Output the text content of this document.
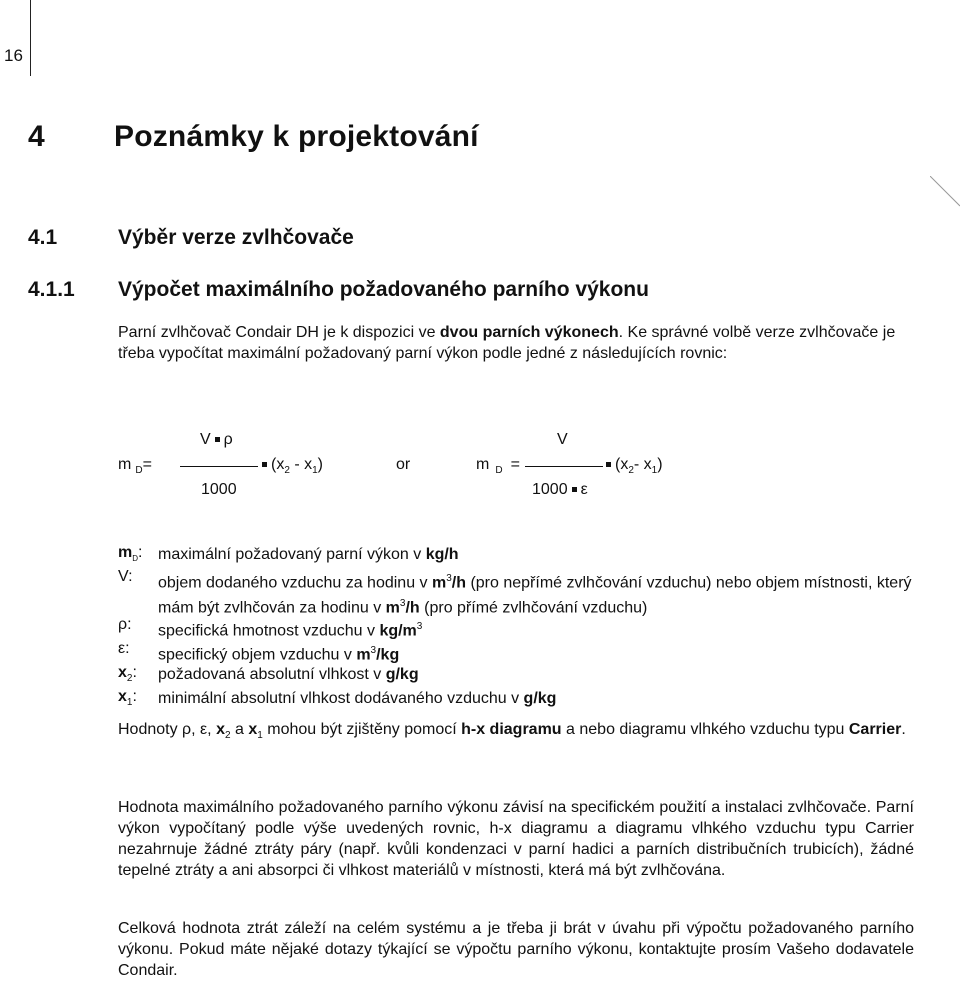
16
4 Poznámky k projektování
4.1	Výběr verze zvlhčovače
4.1.1 Výpočet maximálního požadovaného parního výkonu
Parní zvlhčovač Condair DH je k dispozici ve dvou parních výkonech. Ke správné volbě verze zvlhčovače je třeba vypočítat maximální požadovaný parní výkon podle jedné z následujících rovnic:
m $_D$=
V ρ
1000
$(x_2 - x_1)$	or	m $_D$ =
V
1000 ε
($x_2-$ $x_1$)
$m_D$: maximální požadovaný parní výkon v kg/h
V:	objem dodaného vzduchu za hodinu v $m^3/h$ (pro nepřímé zvlhčování vzduchu) nebo objem místnosti, který mám být zvlhčován za hodinu v $m^3/h$ (pro přímé zvlhčování vzduchu)
ρ:	specifická hmotnost vzduchu v $kg/m^3$
ε:	specifický objem vzduchu v $m^3/kg$
$x_2$:	požadovaná absolutní vlhkost v g/kg
$x_1$:	minimální absolutní vlhkost dodávaného vzduchu v g/kg
Hodnoty ρ, ε, $x_2$ a $x_1$ mohou být zjištěny pomocí h-x diagramu a nebo diagramu vlhkého vzduchu typu Carrier.
Hodnota maximálního požadovaného parního výkonu závisí na specifickém použití a instalaci zvlhčovače. Parní výkon vypočítaný podle výše uvedených rovnic, h-x diagramu a diagramu vlhkého vzduchu typu Carrier nezahrnuje žádné ztráty páry (např. kvůli kondenzaci v parní hadici a parních distribučních trubicích), žádné tepelné ztráty a ani absorpci či vlhkost materiálů v místnosti, která má být zvlhčována.
Celková hodnota ztrát záleží na celém systému a je třeba ji brát v úvahu při výpočtu požadovaného parního výkonu. Pokud máte nějaké dotazy týkající se výpočtu parního výkonu, kontaktujte prosím Vašeho dodavatele Condair.
